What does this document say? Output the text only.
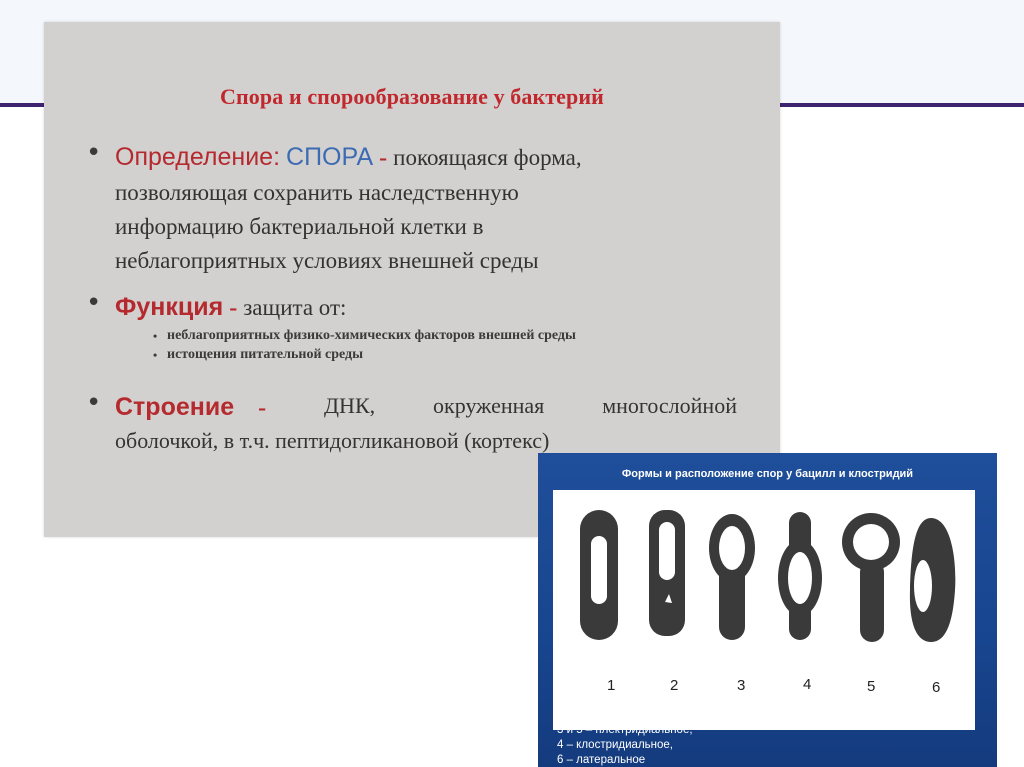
Спора и спорообразование у бактерий
• Определение: СПОРА - покоящаяся форма,
позволяющая сохранить наследственную
информацию бактериальной клетки в
неблагоприятных условиях внешней среды
• Функция - защита от:
• неблагоприятных физико-химических факторов внешней среды
• истощения питательной среды
• Строение -	ДНК,	окруженная	многослойной
оболочкой, в т.ч. пептидогликановой (кортекс)
Формы и расположение спор у бацилл и клостридий
1	2	3	4	5	6
1– бациллярное центральное,
2 – бациллярное терминальное,
3 и 5 – плектридиальное,
4 – клостридиальное,
6 – латеральное
